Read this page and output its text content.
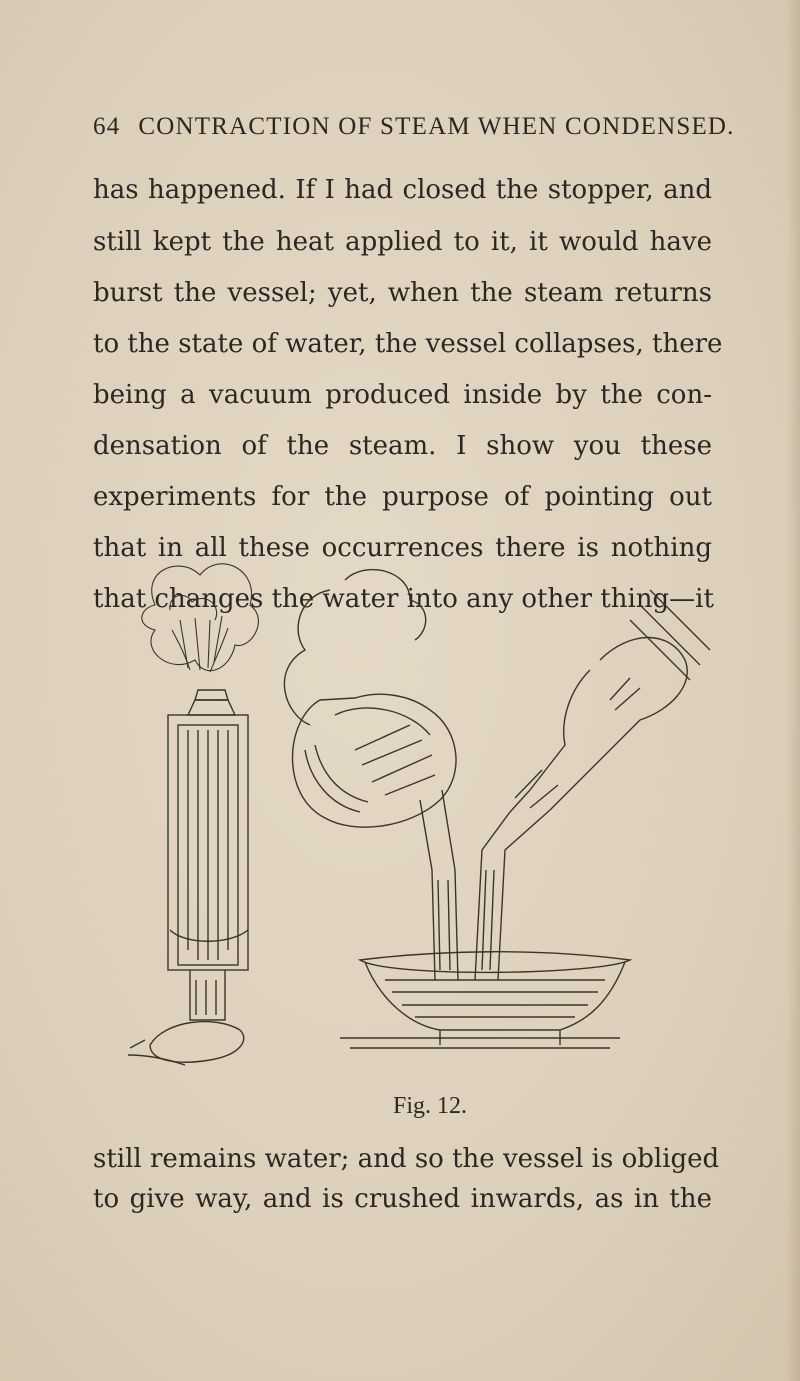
64 CONTRACTION OF STEAM WHEN CONDENSED.
has happened. If I had closed the stopper, and
still kept the heat applied to it, it would have
burst the vessel; yet, when the steam returns
to the state of water, the vessel collapses, there
being a vacuum produced inside by the con-
densation of the steam. I show you these
experiments for the purpose of pointing out
that in all these occurrences there is nothing
that changes the water into any other thing—it
Fig. 12.
still remains water; and so the vessel is obliged
to give way, and is crushed inwards, as in the
